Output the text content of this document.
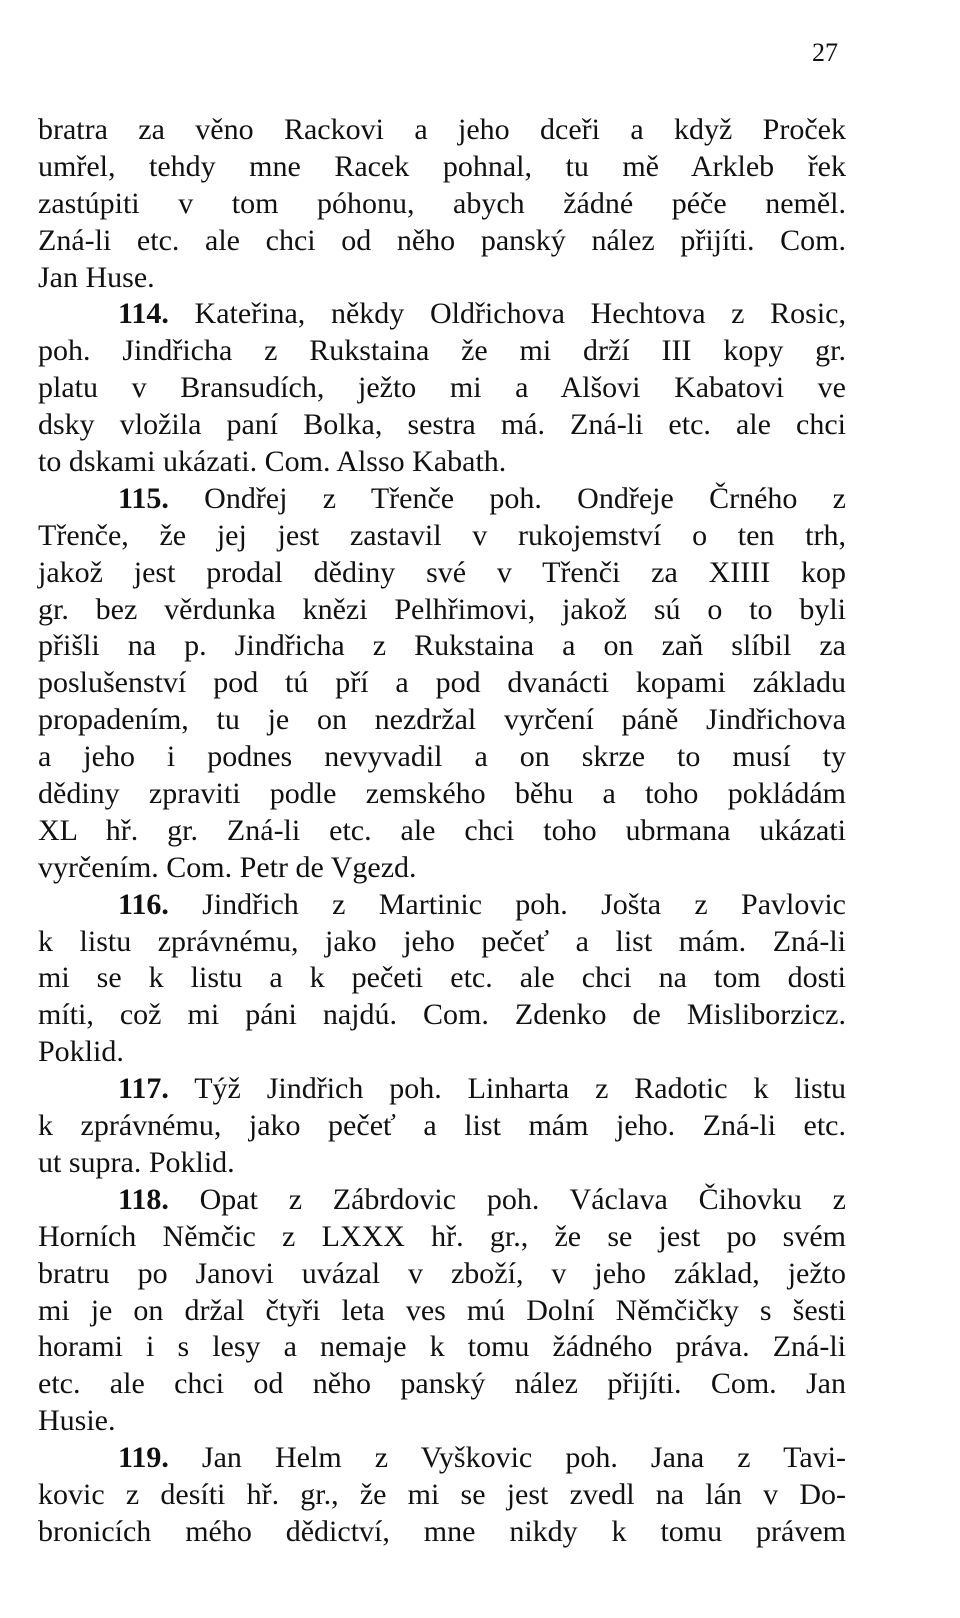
27
bratra za věno Rackovi a jeho dceři a když Proček
umřel, tehdy mne Racek pohnal, tu mě Arkleb řek
zastúpiti v tom póhonu, abych žádné péče neměl.
Zná-li etc. ale chci od něho panský nález přijíti. Com.
Jan Huse.
114. Kateřina, někdy Oldřichova Hechtova z Rosic,
poh. Jindřicha z Rukstaina že mi drží III kopy gr.
platu v Bransudích, ježto mi a Alšovi Kabatovi ve
dsky vložila paní Bolka, sestra má. Zná-li etc. ale chci
to dskami ukázati. Com. Alsso Kabath.
115. Ondřej z Třenče poh. Ondřeje Črného z
Třenče, že jej jest zastavil v rukojemství o ten trh,
jakož jest prodal dědiny své v Třenči za XIIII kop
gr. bez věrdunka knězi Pelhřimovi, jakož sú o to byli
přišli na p. Jindřicha z Rukstaina a on zaň slíbil za
poslušenství pod tú pří a pod dvanácti kopami základu
propadením, tu je on nezdržal vyrčení páně Jindřichova
a jeho i podnes nevyvadil a on skrze to musí ty
dědiny zpraviti podle zemského běhu a toho pokládám
XL hř. gr. Zná-li etc. ale chci toho ubrmana ukázati
vyrčením. Com. Petr de Vgezd.
116. Jindřich z Martinic poh. Jošta z Pavlovic
k listu zprávnému, jako jeho pečeť a list mám. Zná-li
mi se k listu a k pečeti etc. ale chci na tom dosti
míti, což mi páni najdú. Com. Zdenko de Misliborzicz.
Poklid.
117. Týž Jindřich poh. Linharta z Radotic k listu
k zprávnému, jako pečeť a list mám jeho. Zná-li etc.
ut supra. Poklid.
118. Opat z Zábrdovic poh. Václava Čihovku z
Horních Němčic z LXXX hř. gr., že se jest po svém
bratru po Janovi uvázal v zboží, v jeho základ, ježto
mi je on držal čtyři leta ves mú Dolní Němčičky s šesti
horami i s lesy a nemaje k tomu žádného práva. Zná-li
etc. ale chci od něho panský nález přijíti. Com. Jan
Husie.
119. Jan Helm z Vyškovic poh. Jana z Tavi-
kovic z desíti hř. gr., že mi se jest zvedl na lán v Do-
bronicích mého dědictví, mne nikdy k tomu právem
